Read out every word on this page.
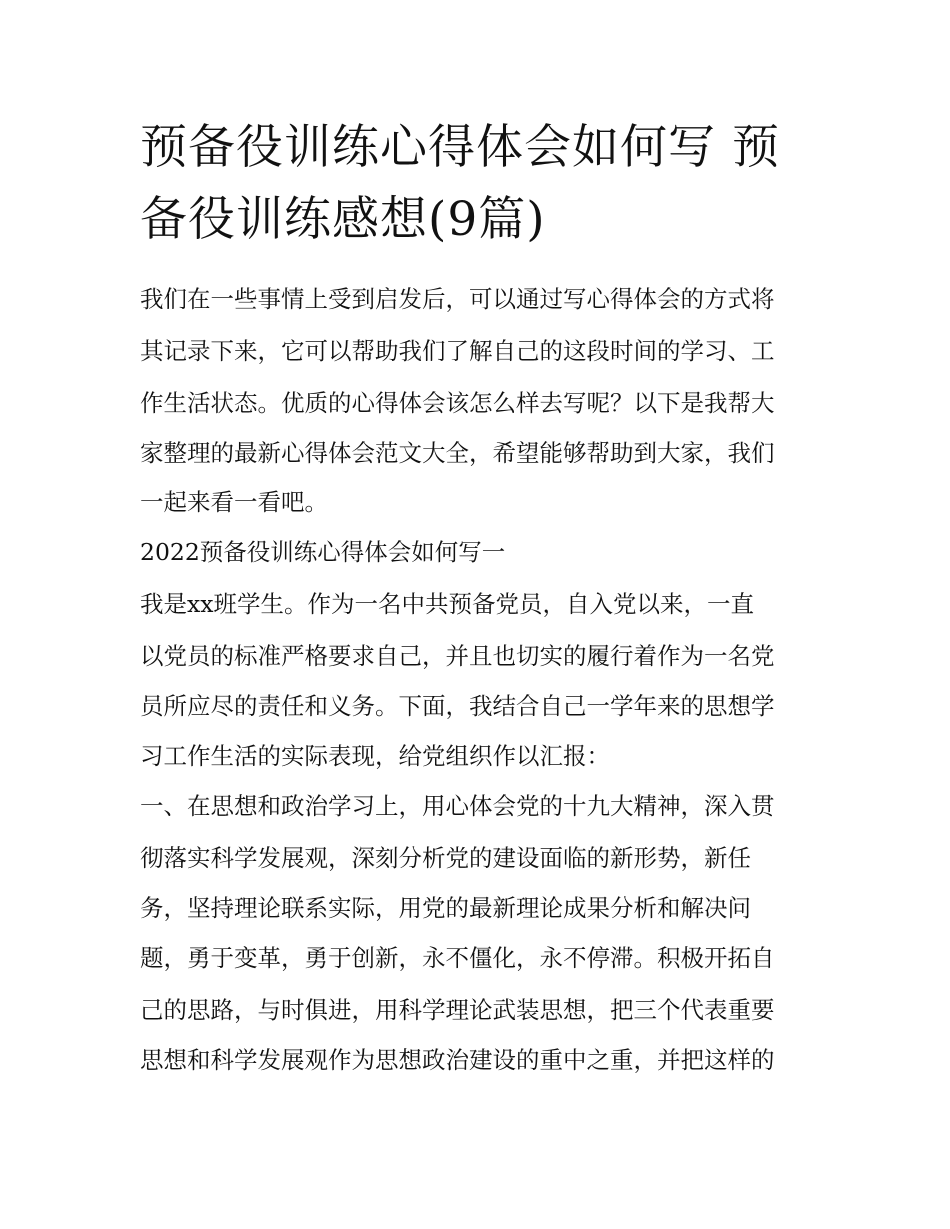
预备役训练心得体会如何写 预
备役训练感想(9篇)
我们在一些事情上受到启发后，可以通过写心得体会的方式将
其记录下来，它可以帮助我们了解自己的这段时间的学习、工
作生活状态。优质的心得体会该怎么样去写呢？以下是我帮大
家整理的最新心得体会范文大全，希望能够帮助到大家，我们
一起来看一看吧。
2022预备役训练心得体会如何写一
我是xx班学生。作为一名中共预备党员，自入党以来，一直
以党员的标准严格要求自己，并且也切实的履行着作为一名党
员所应尽的责任和义务。下面，我结合自己一学年来的思想学
习工作生活的实际表现，给党组织作以汇报：
一、在思想和政治学习上，用心体会党的十九大精神，深入贯
彻落实科学发展观，深刻分析党的建设面临的新形势，新任
务，坚持理论联系实际，用党的最新理论成果分析和解决问
题，勇于变革，勇于创新，永不僵化，永不停滞。积极开拓自
己的思路，与时俱进，用科学理论武装思想，把三个代表重要
思想和科学发展观作为思想政治建设的重中之重，并把这样的
